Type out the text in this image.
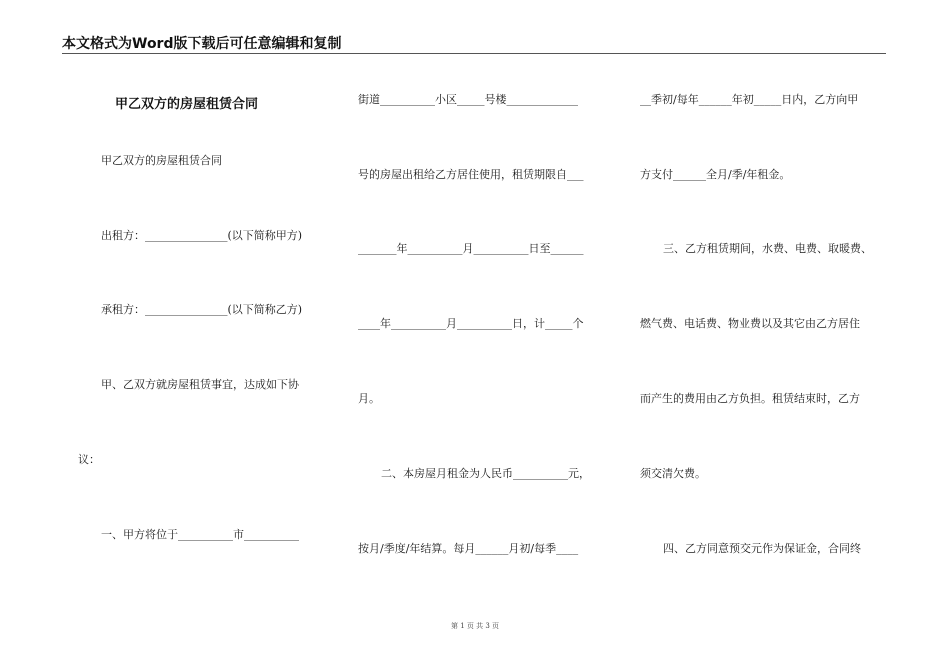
本文格式为Word版下载后可任意编辑和复制
甲乙双方的房屋租赁合同
甲乙双方的房屋租赁合同
出租方：_______________(以下简称甲方)
承租方：_______________(以下简称乙方)
甲、乙双方就房屋租赁事宜，达成如下协
议：
一、甲方将位于__________市__________
街道__________小区_____号楼_____________
号的房屋出租给乙方居住使用，租赁期限自___
_______年__________月__________日至______
____年__________月__________日，计_____个
月。
二、本房屋月租金为人民币__________元，
按月/季度/年结算。每月______月初/每季____
__季初/每年______年初_____日内，乙方向甲
方支付______全月/季/年租金。
三、乙方租赁期间，水费、电费、取暖费、
燃气费、电话费、物业费以及其它由乙方居住
而产生的费用由乙方负担。租赁结束时，乙方
须交清欠费。
四、乙方同意预交元作为保证金，合同终
第 1 页 共 3 页
